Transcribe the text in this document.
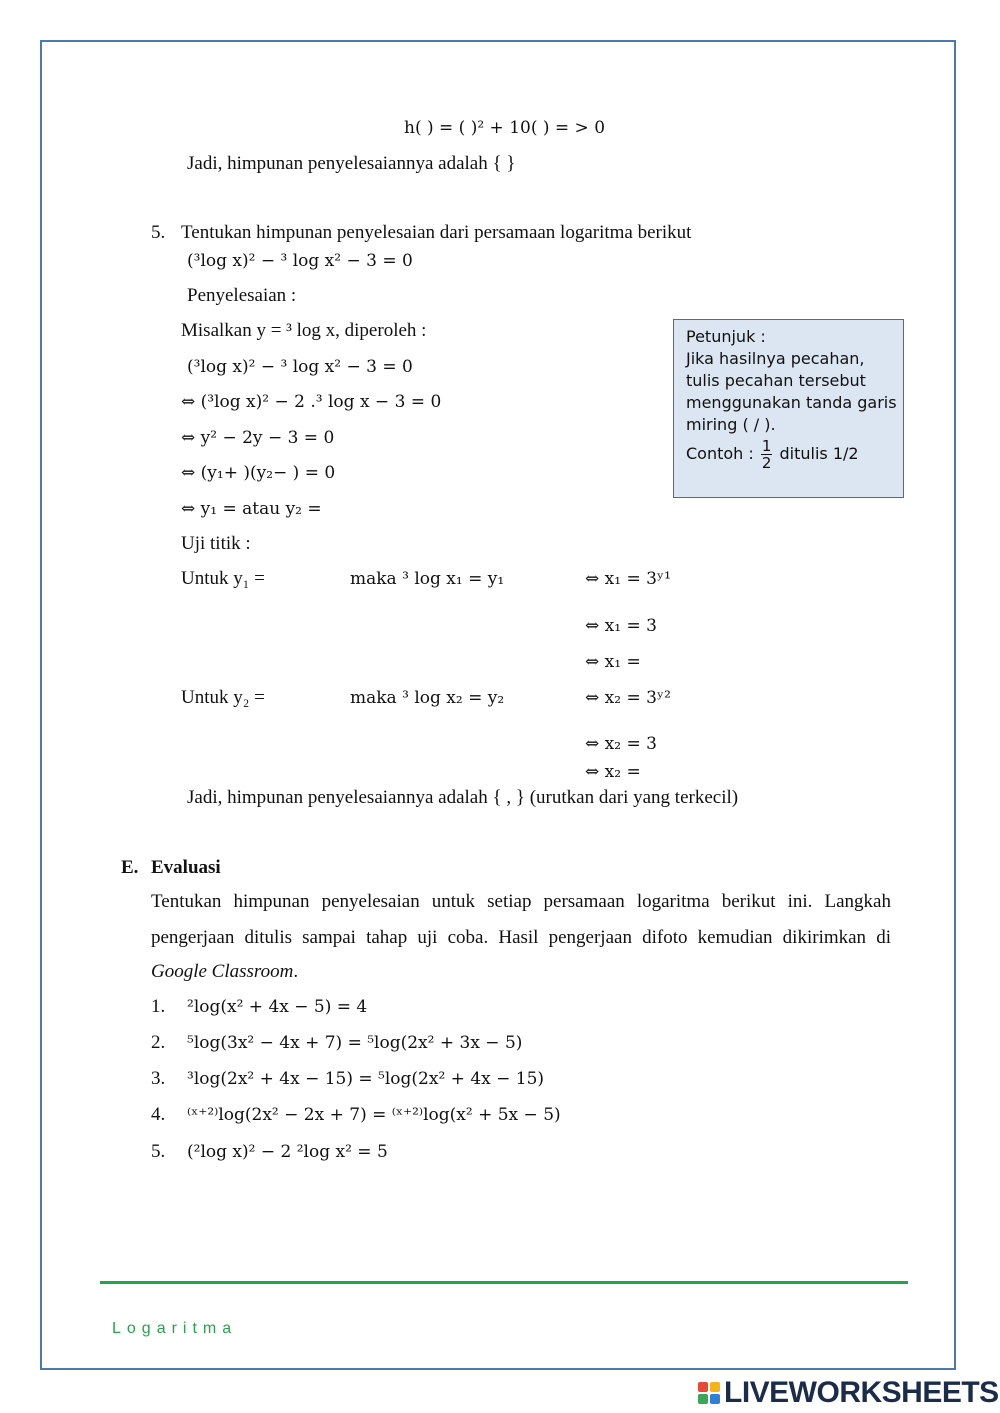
h( ) = ( )² + 10( ) = > 0
Jadi, himpunan penyelesaiannya adalah { }
5. Tentukan himpunan penyelesaian dari persamaan logaritma berikut
(³log x)² − ³ log x² − 3 = 0
Penyelesaian :
Misalkan y = ³ log x, diperoleh :
(³log x)² − ³ log x² − 3 = 0
⇔ (³log x)² − 2 .³ log x − 3 = 0
⇔ y² − 2y − 3 = 0
⇔ (y₁+ )(y₂− ) = 0
⇔ y₁ = atau y₂ =
Uji titik :
Untuk y₁ =	maka ³ log x₁ = y₁	⇔ x₁ = 3ʸ¹
⇔ x₁ = 3
⇔ x₁ =
Untuk y₂ =	maka ³ log x₂ = y₂	⇔ x₂ = 3ʸ²
⇔ x₂ = 3
⇔ x₂ =
Jadi, himpunan penyelesaiannya adalah { , } (urutkan dari yang terkecil)
Petunjuk :
Jika hasilnya pecahan,
tulis pecahan tersebut
menggunakan tanda garis
miring ( / ).
Contoh : $\frac{1}{2}$ ditulis 1/2
E. Evaluasi
Tentukan himpunan penyelesaian untuk setiap persamaan logaritma berikut ini. Langkah
pengerjaan ditulis sampai tahap uji coba. Hasil pengerjaan difoto kemudian dikirimkan di
Google Classroom.
1. ²log(x² + 4x − 5) = 4
2. ⁵log(3x² − 4x + 7) = ⁵log(2x² + 3x − 5)
3. ³log(2x² + 4x − 15) = ⁵log(2x² + 4x − 15)
4. ⁽ˣ⁺²⁾log(2x² − 2x + 7) = ⁽ˣ⁺²⁾log(x² + 5x − 5)
5. (²log x)² − 2 ²log x² = 5
Logaritma
LIVEWORKSHEETS
